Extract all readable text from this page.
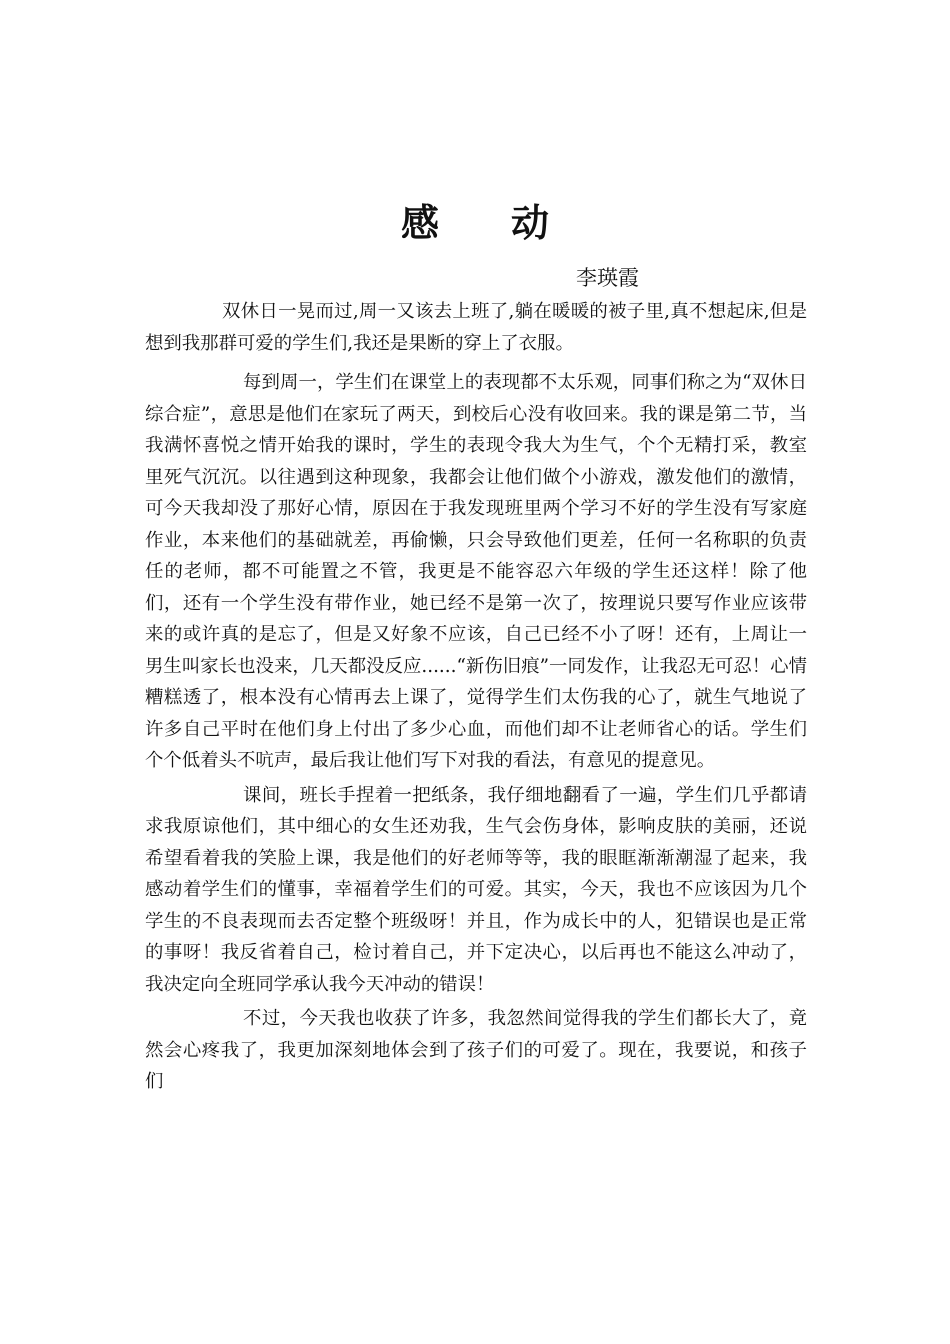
感 动

李瑛霞

双休日一晃而过,周一又该去上班了,躺在暖暖的被子里,真不想起床,但是想到我那群可爱的学生们,我还是果断的穿上了衣服。

每到周一，学生们在课堂上的表现都不太乐观，同事们称之为“双休日综合症”，意思是他们在家玩了两天，到校后心没有收回来。我的课是第二节，当我满怀喜悦之情开始我的课时，学生的表现令我大为生气，个个无精打采，教室里死气沉沉。以往遇到这种现象，我都会让他们做个小游戏，激发他们的激情，可今天我却没了那好心情，原因在于我发现班里两个学习不好的学生没有写家庭作业，本来他们的基础就差，再偷懒，只会导致他们更差，任何一名称职的负责任的老师，都不可能置之不管，我更是不能容忍六年级的学生还这样！除了他们，还有一个学生没有带作业，她已经不是第一次了，按理说只要写作业应该带来的或许真的是忘了，但是又好象不应该，自己已经不小了呀！还有，上周让一男生叫家长也没来，几天都没反应......“新伤旧痕”一同发作，让我忍无可忍！心情糟糕透了，根本没有心情再去上课了，觉得学生们太伤我的心了，就生气地说了许多自己平时在他们身上付出了多少心血，而他们却不让老师省心的话。学生们个个低着头不吭声，最后我让他们写下对我的看法，有意见的提意见。

课间，班长手捏着一把纸条，我仔细地翻看了一遍，学生们几乎都请求我原谅他们，其中细心的女生还劝我，生气会伤身体，影响皮肤的美丽，还说希望看着我的笑脸上课，我是他们的好老师等等，我的眼眶渐渐潮湿了起来，我感动着学生们的懂事，幸福着学生们的可爱。其实，今天，我也不应该因为几个学生的不良表现而去否定整个班级呀！并且，作为成长中的人，犯错误也是正常的事呀！我反省着自己，检讨着自己，并下定决心，以后再也不能这么冲动了，我决定向全班同学承认我今天冲动的错误！

不过，今天我也收获了许多，我忽然间觉得我的学生们都长大了，竟然会心疼我了，我更加深刻地体会到了孩子们的可爱了。现在，我要说，和孩子们
